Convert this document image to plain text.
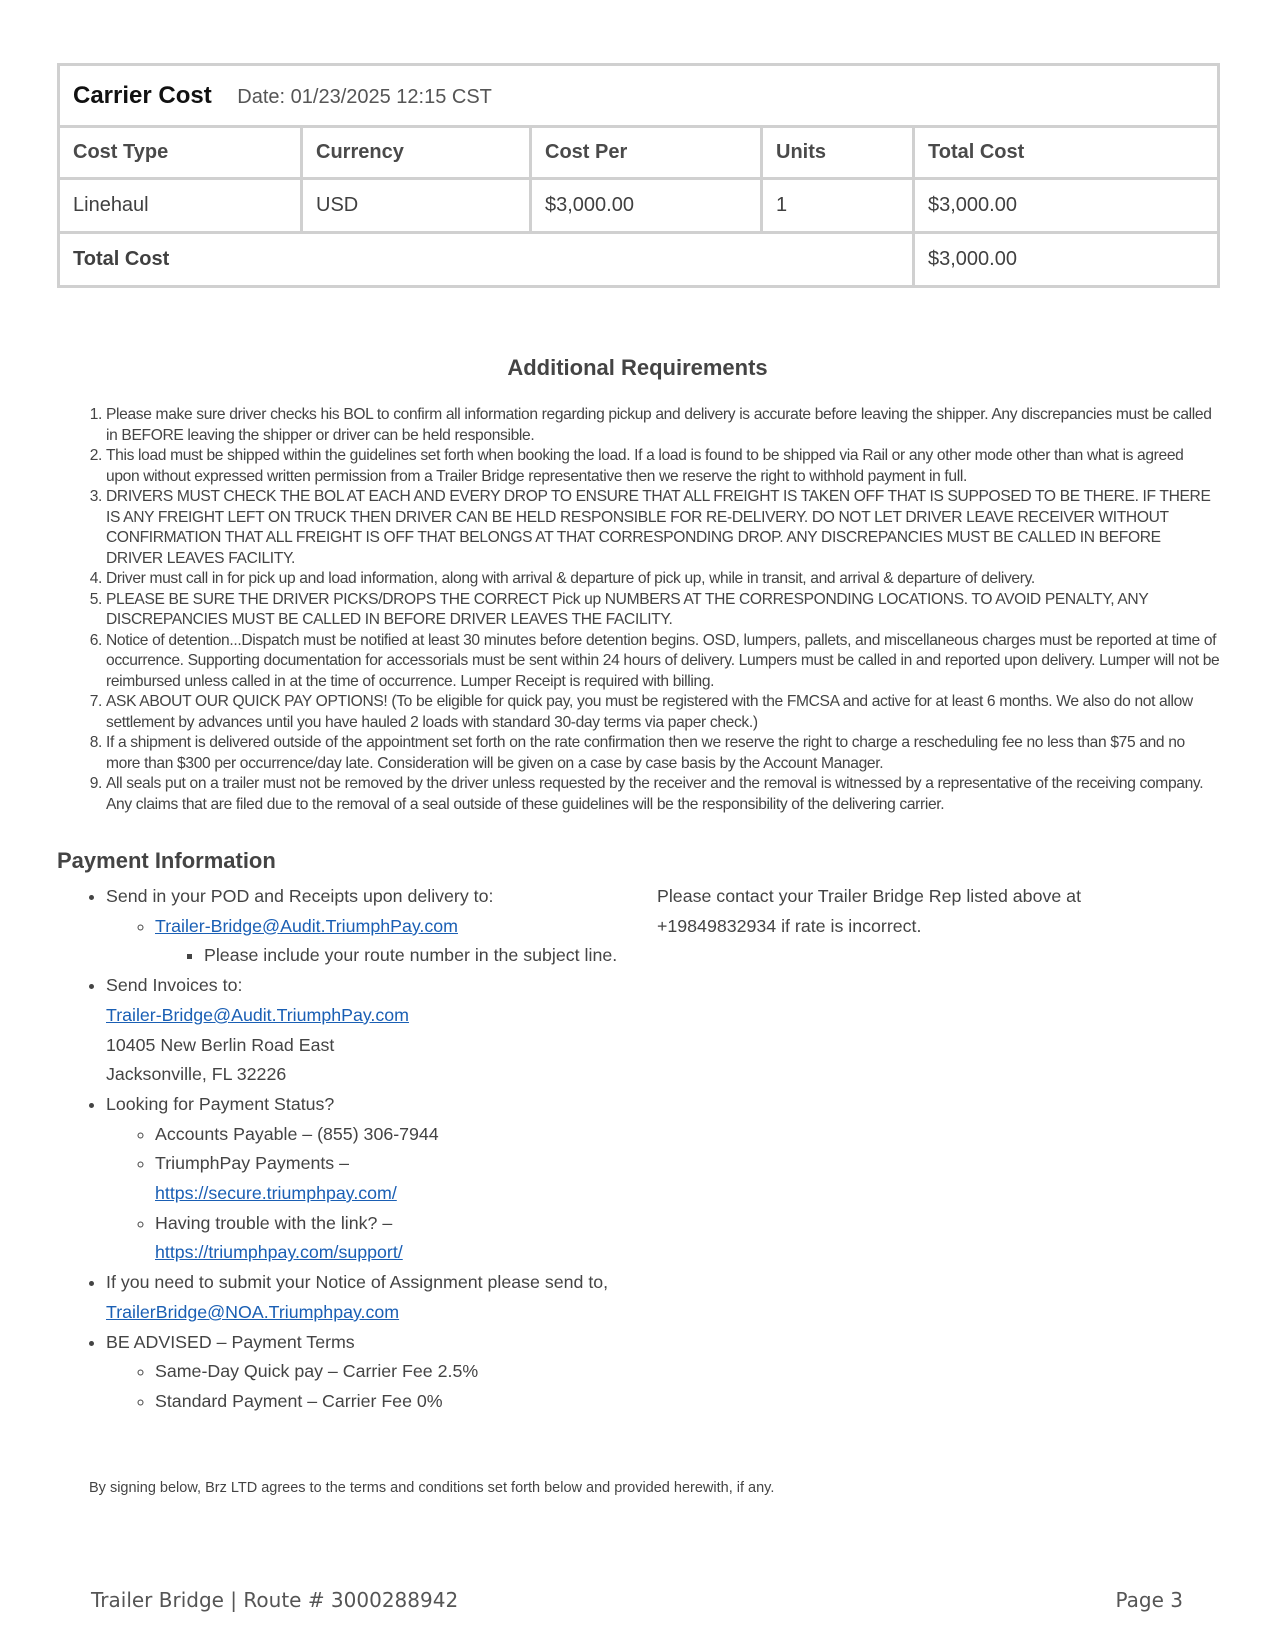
Carrier Cost Date: 01/23/2025 12:15 CST				
Cost Type	Currency	Cost Per	Units	Total Cost
Linehaul	USD	$3,000.00	1	$3,000.00
Total Cost				$3,000.00
Additional Requirements
1. Please make sure driver checks his BOL to confirm all information regarding pickup and delivery is accurate before leaving the shipper. Any discrepancies must be called in BEFORE leaving the shipper or driver can be held responsible.
2. This load must be shipped within the guidelines set forth when booking the load. If a load is found to be shipped via Rail or any other mode other than what is agreed upon without expressed written permission from a Trailer Bridge representative then we reserve the right to withhold payment in full.
3. DRIVERS MUST CHECK THE BOL AT EACH AND EVERY DROP TO ENSURE THAT ALL FREIGHT IS TAKEN OFF THAT IS SUPPOSED TO BE THERE. IF THERE IS ANY FREIGHT LEFT ON TRUCK THEN DRIVER CAN BE HELD RESPONSIBLE FOR RE-DELIVERY. DO NOT LET DRIVER LEAVE RECEIVER WITHOUT CONFIRMATION THAT ALL FREIGHT IS OFF THAT BELONGS AT THAT CORRESPONDING DROP. ANY DISCREPANCIES MUST BE CALLED IN BEFORE DRIVER LEAVES FACILITY.
4. Driver must call in for pick up and load information, along with arrival & departure of pick up, while in transit, and arrival & departure of delivery.
5. PLEASE BE SURE THE DRIVER PICKS/DROPS THE CORRECT Pick up NUMBERS AT THE CORRESPONDING LOCATIONS. TO AVOID PENALTY, ANY DISCREPANCIES MUST BE CALLED IN BEFORE DRIVER LEAVES THE FACILITY.
6. Notice of detention...Dispatch must be notified at least 30 minutes before detention begins. OSD, lumpers, pallets, and miscellaneous charges must be reported at time of occurrence. Supporting documentation for accessorials must be sent within 24 hours of delivery. Lumpers must be called in and reported upon delivery. Lumper will not be reimbursed unless called in at the time of occurrence. Lumper Receipt is required with billing.
7. ASK ABOUT OUR QUICK PAY OPTIONS! (To be eligible for quick pay, you must be registered with the FMCSA and active for at least 6 months. We also do not allow settlement by advances until you have hauled 2 loads with standard 30-day terms via paper check.)
8. If a shipment is delivered outside of the appointment set forth on the rate confirmation then we reserve the right to charge a rescheduling fee no less than $75 and no more than $300 per occurrence/day late. Consideration will be given on a case by case basis by the Account Manager.
9. All seals put on a trailer must not be removed by the driver unless requested by the receiver and the removal is witnessed by a representative of the receiving company. Any claims that are filed due to the removal of a seal outside of these guidelines will be the responsibility of the delivering carrier.
Payment Information
• Send in your POD and Receipts upon delivery to:
◦ Trailer-Bridge@Audit.TriumphPay.com
▪ Please include your route number in the subject line.
• Send Invoices to:
Trailer-Bridge@Audit.TriumphPay.com
10405 New Berlin Road East
Jacksonville, FL 32226
• Looking for Payment Status?
◦ Accounts Payable – (855) 306-7944
◦ TriumphPay Payments –
https://secure.triumphpay.com/
◦ Having trouble with the link? –
https://triumphpay.com/support/
• If you need to submit your Notice of Assignment please send to, TrailerBridge@NOA.Triumphpay.com
• BE ADVISED – Payment Terms
◦ Same-Day Quick pay – Carrier Fee 2.5%
◦ Standard Payment – Carrier Fee 0%
Please contact your Trailer Bridge Rep listed above at +19849832934 if rate is incorrect.
By signing below, Brz LTD agrees to the terms and conditions set forth below and provided herewith, if any.
Trailer Bridge | Route # 3000288942	Page 3
